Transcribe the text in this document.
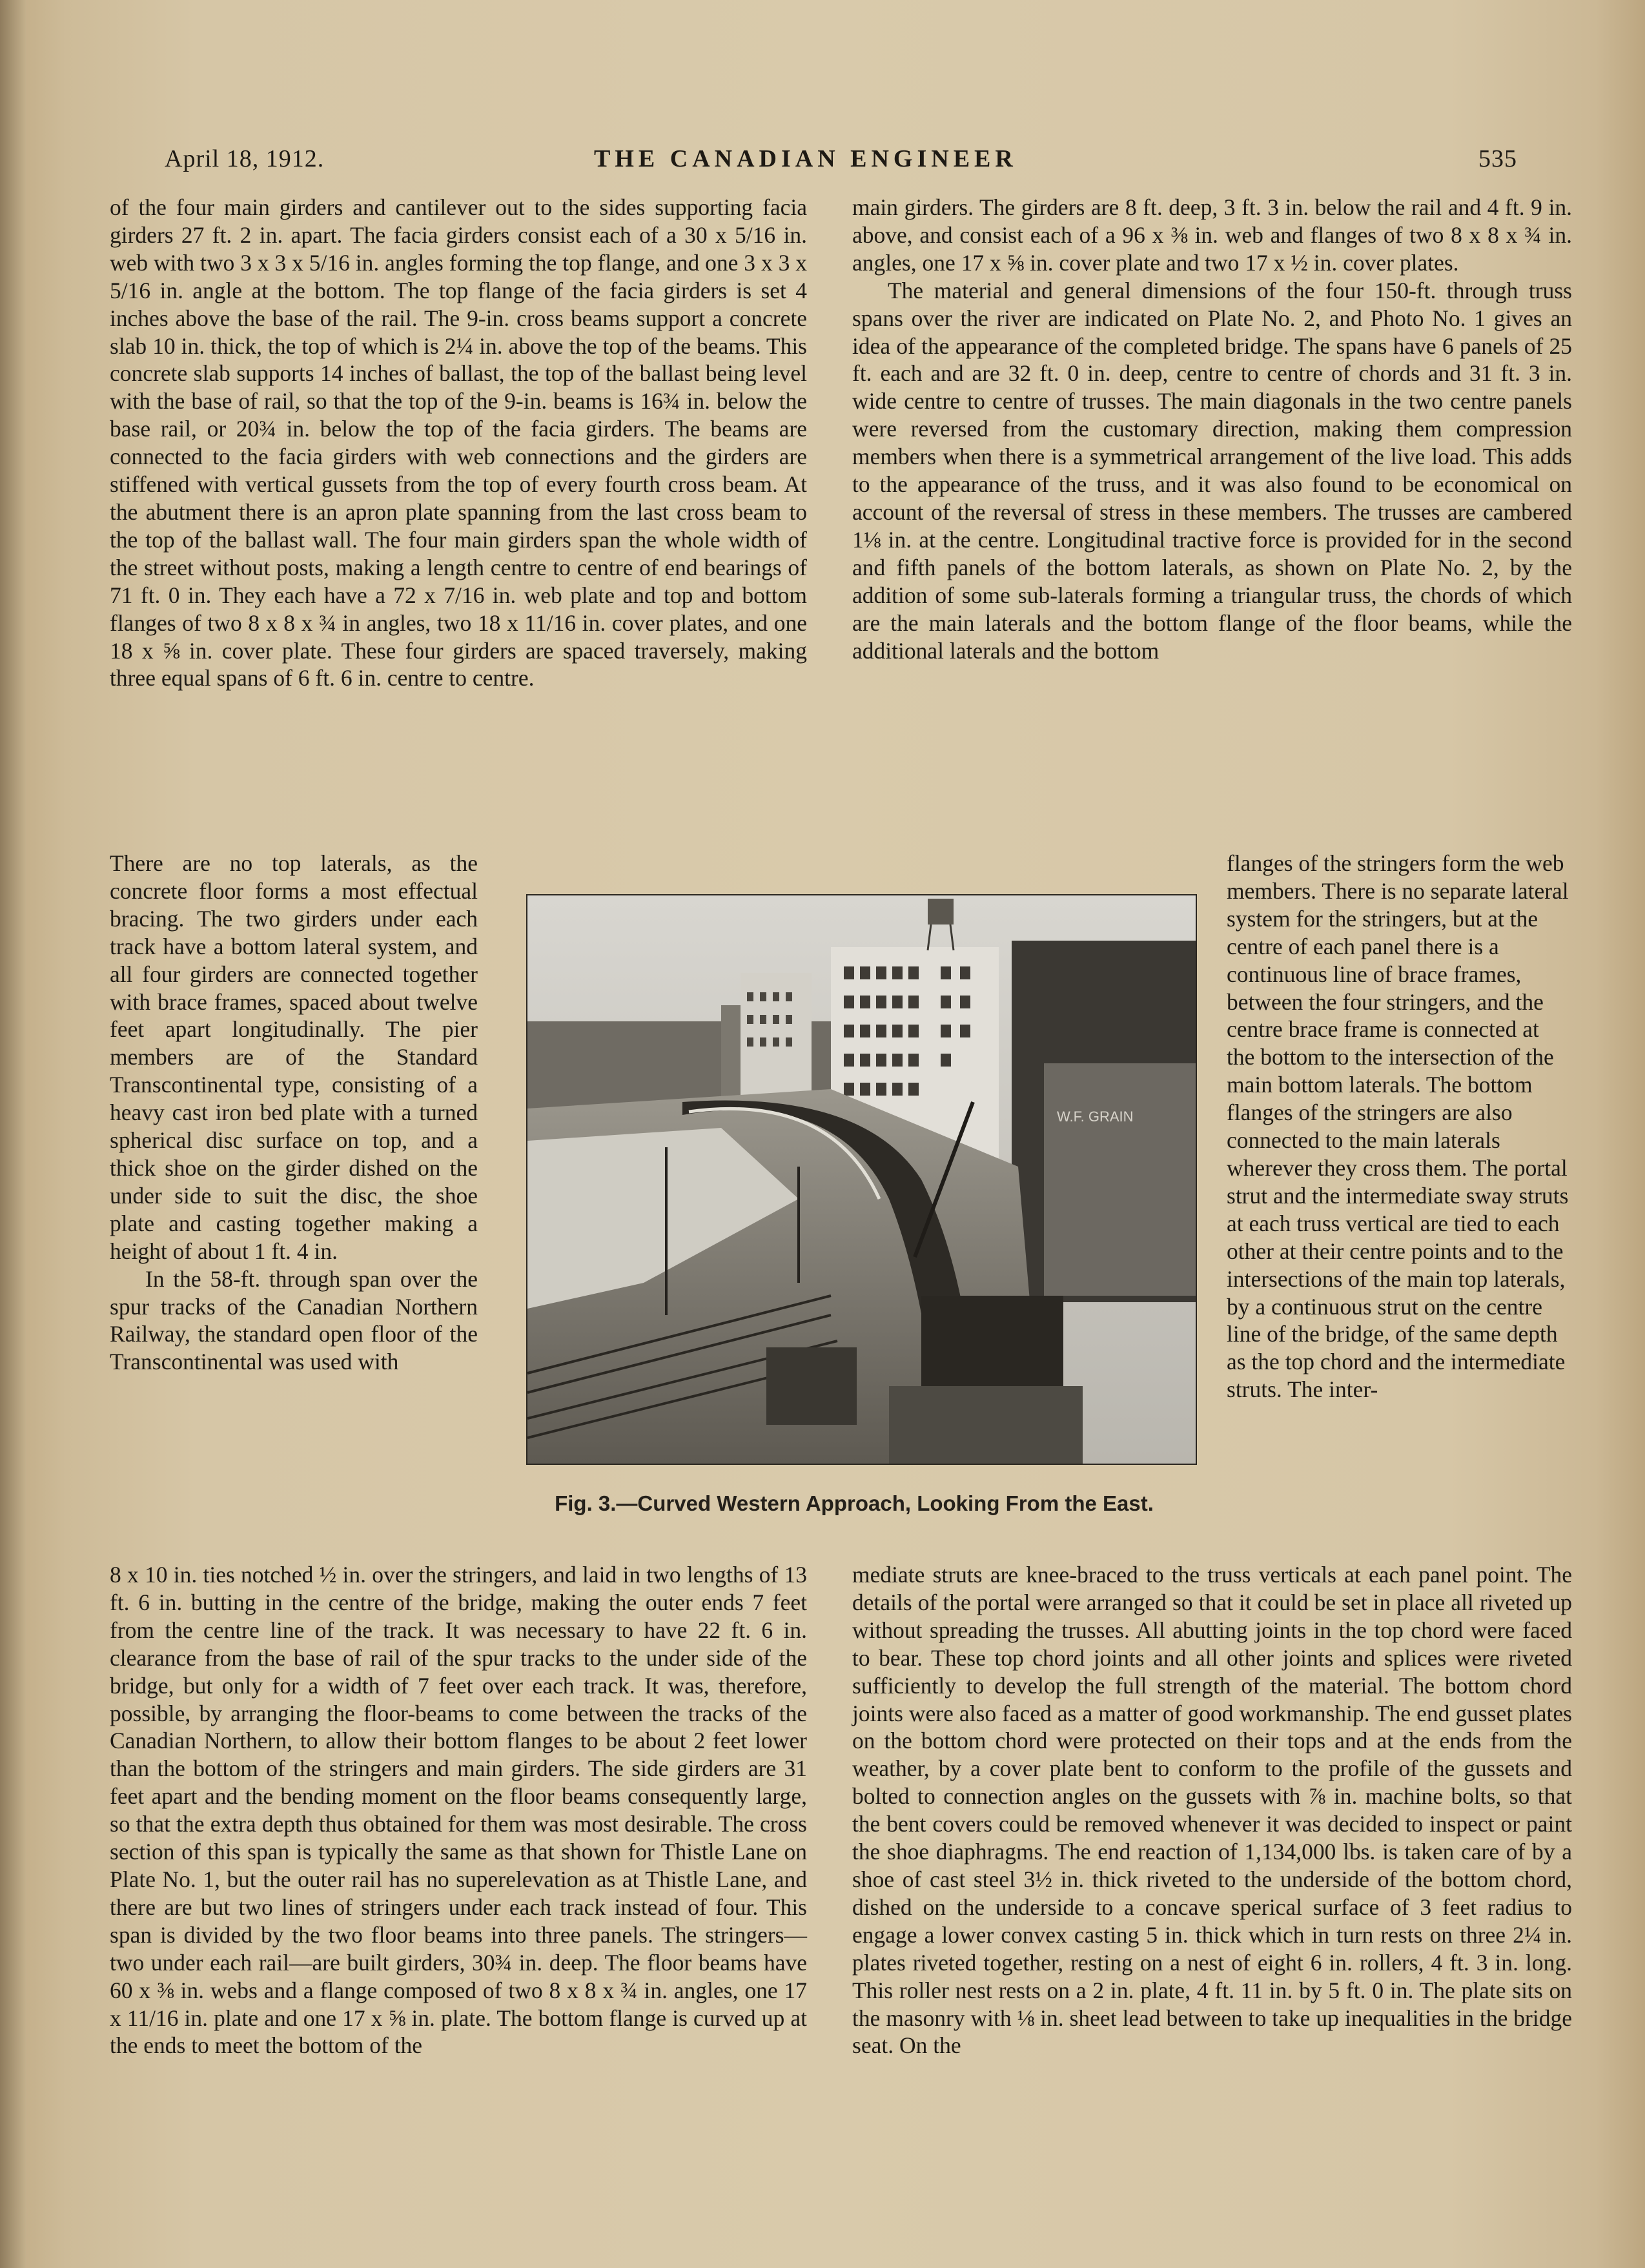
April 18, 1912.	THE CANADIAN ENGINEER	535

of the four main girders and cantilever out to the sides supporting facia girders 27 ft. 2 in. apart. The facia girders consist each of a 30 x 5/16 in. web with two 3 x 3 x 5/16 in. angles forming the top flange, and one 3 x 3 x 5/16 in. angle at the bottom. The top flange of the facia girders is set 4 inches above the base of the rail. The 9-in. cross beams support a concrete slab 10 in. thick, the top of which is 2¼ in. above the top of the beams. This concrete slab supports 14 inches of ballast, the top of the ballast being level with the base of rail, so that the top of the 9-in. beams is 16¾ in. below the base rail, or 20¾ in. below the top of the facia girders. The beams are connected to the facia girders with web connections and the girders are stiffened with vertical gussets from the top of every fourth cross beam. At the abutment there is an apron plate spanning from the last cross beam to the top of the ballast wall. The four main girders span the whole width of the street without posts, making a length centre to centre of end bearings of 71 ft. 0 in. They each have a 72 x 7/16 in. web plate and top and bottom flanges of two 8 x 8 x ¾ in angles, two 18 x 11/16 in. cover plates, and one 18 x ⅝ in. cover plate. These four girders are spaced traversely, making three equal spans of 6 ft. 6 in. centre to centre.

There are no top laterals, as the concrete floor forms a most effectual bracing. The two girders under each track have a bottom lateral system, and all four girders are connected together with brace frames, spaced about twelve feet apart longitudinally. The pier members are of the Standard Transcontinental type, consisting of a heavy cast iron bed plate with a turned spherical disc surface on top, and a thick shoe on the girder dished on the under side to suit the disc, the shoe plate and casting together making a height of about 1 ft. 4 in.

In the 58-ft. through span over the spur tracks of the Canadian Northern Railway, the standard open floor of the Transcontinental was used with

8 x 10 in. ties notched ½ in. over the stringers, and laid in two lengths of 13 ft. 6 in. butting in the centre of the bridge, making the outer ends 7 feet from the centre line of the track. It was necessary to have 22 ft. 6 in. clearance from the base of rail of the spur tracks to the under side of the bridge, but only for a width of 7 feet over each track. It was, therefore, possible, by arranging the floor-beams to come between the tracks of the Canadian Northern, to allow their bottom flanges to be about 2 feet lower than the bottom of the stringers and main girders. The side girders are 31 feet apart and the bending moment on the floor beams consequently large, so that the extra depth thus obtained for them was most desirable. The cross section of this span is typically the same as that shown for Thistle Lane on Plate No. 1, but the outer rail has no superelevation as at Thistle Lane, and there are but two lines of stringers under each track instead of four. This span is divided by the two floor beams into three panels. The stringers—two under each rail—are built girders, 30¾ in. deep. The floor beams have 60 x ⅜ in. webs and a flange composed of two 8 x 8 x ¾ in. angles, one 17 x 11/16 in. plate and one 17 x ⅝ in. plate. The bottom flange is curved up at the ends to meet the bottom of the

main girders. The girders are 8 ft. deep, 3 ft. 3 in. below the rail and 4 ft. 9 in. above, and consist each of a 96 x ⅜ in. web and flanges of two 8 x 8 x ¾ in. angles, one 17 x ⅝ in. cover plate and two 17 x ½ in. cover plates.

The material and general dimensions of the four 150-ft. through truss spans over the river are indicated on Plate No. 2, and Photo No. 1 gives an idea of the appearance of the completed bridge. The spans have 6 panels of 25 ft. each and are 32 ft. 0 in. deep, centre to centre of chords and 31 ft. 3 in. wide centre to centre of trusses. The main diagonals in the two centre panels were reversed from the customary direction, making them compression members when there is a symmetrical arrangement of the live load. This adds to the appearance of the truss, and it was also found to be economical on account of the reversal of stress in these members. The trusses are cambered 1⅛ in. at the centre. Longitudinal tractive force is provided for in the second and fifth panels of the bottom laterals, as shown on Plate No. 2, by the addition of some sub-laterals forming a triangular truss, the chords of which are the main laterals and the bottom flange of the floor beams, while the additional laterals and the bottom

flanges of the stringers form the web members. There is no separate lateral system for the stringers, but at the centre of each panel there is a continuous line of brace frames, between the four stringers, and the centre brace frame is connected at the bottom to the intersection of the main bottom laterals. The bottom flanges of the stringers are also connected to the main laterals wherever they cross them. The portal strut and the intermediate sway struts at each truss vertical are tied to each other at their centre points and to the intersections of the main top laterals, by a continuous strut on the centre line of the bridge, of the same depth as the top chord and the intermediate struts. The inter-

mediate struts are knee-braced to the truss verticals at each panel point. The details of the portal were arranged so that it could be set in place all riveted up without spreading the trusses. All abutting joints in the top chord were faced to bear. These top chord joints and all other joints and splices were riveted sufficiently to develop the full strength of the material. The bottom chord joints were also faced as a matter of good workmanship. The end gusset plates on the bottom chord were protected on their tops and at the ends from the weather, by a cover plate bent to conform to the profile of the gussets and bolted to connection angles on the gussets with ⅞ in. machine bolts, so that the bent covers could be removed whenever it was decided to inspect or paint the shoe diaphragms. The end reaction of 1,134,000 lbs. is taken care of by a shoe of cast steel 3½ in. thick riveted to the underside of the bottom chord, dished on the underside to a concave sperical surface of 3 feet radius to engage a lower convex casting 5 in. thick which in turn rests on three 2¼ in. plates riveted together, resting on a nest of eight 6 in. rollers, 4 ft. 3 in. long. This roller nest rests on a 2 in. plate, 4 ft. 11 in. by 5 ft. 0 in. The plate sits on the masonry with ⅛ in. sheet lead between to take up inequalities in the bridge seat. On the

W.F. GRAIN
Fig. 3.—Curved Western Approach, Looking From the East.
